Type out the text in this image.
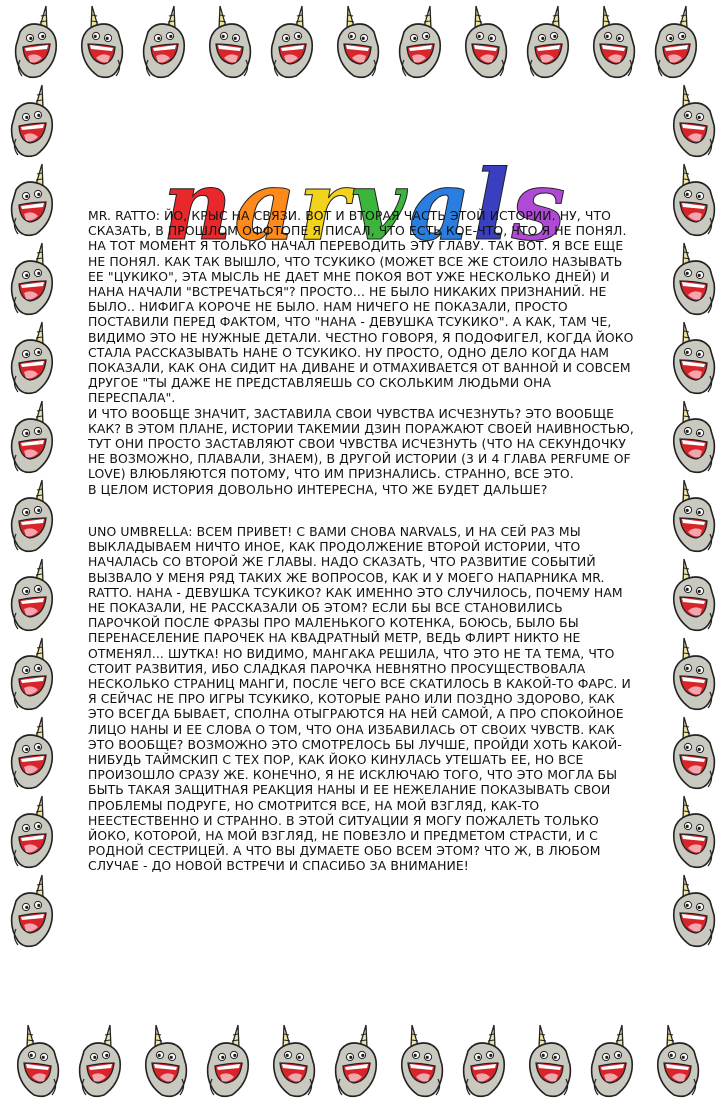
n a r v a l s

MR. RATTO: ЙО, КРЫС НА СВЯЗИ. ВОТ И ВТОРАЯ ЧАСТЬ ЭТОЙ ИСТОРИИ. НУ, ЧТО СКАЗАТЬ, В ПРОШЛОМ ОФФТОПЕ Я ПИСАЛ, ЧТО ЕСТЬ КОЕ-ЧТО, ЧТО Я НЕ ПОНЯЛ. НА ТОТ МОМЕНТ Я ТОЛЬКО НАЧАЛ ПЕРЕВОДИТЬ ЭТУ ГЛАВУ. ТАК ВОТ. Я ВСЕ ЕЩЕ НЕ ПОНЯЛ. КАК ТАК ВЫШЛО, ЧТО ТСУКИКО (МОЖЕТ ВСЕ ЖЕ СТОИЛО НАЗЫВАТЬ ЕЕ "ЦУКИКО", ЭТА МЫСЛЬ НЕ ДАЕТ МНЕ ПОКОЯ ВОТ УЖЕ НЕСКОЛЬКО ДНЕЙ) И НАНА НАЧАЛИ "ВСТРЕЧАТЬСЯ"? ПРОСТО... НЕ БЫЛО НИКАКИХ ПРИЗНАНИЙ. НЕ БЫЛО.. НИФИГА КОРОЧЕ НЕ БЫЛО. НАМ НИЧЕГО НЕ ПОКАЗАЛИ, ПРОСТО ПОСТАВИЛИ ПЕРЕД ФАКТОМ, ЧТО "НАНА - ДЕВУШКА ТСУКИКО". А КАК, ТАМ ЧЕ, ВИДИМО ЭТО НЕ НУЖНЫЕ ДЕТАЛИ. ЧЕСТНО ГОВОРЯ, Я ПОДОФИГЕЛ, КОГДА ЙОКО СТАЛА РАССКАЗЫВАТЬ НАНЕ О ТСУКИКО. НУ ПРОСТО, ОДНО ДЕЛО КОГДА НАМ ПОКАЗАЛИ, КАК ОНА СИДИТ НА ДИВАНЕ И ОТМАХИВАЕТСЯ ОТ ВАННОЙ И СОВСЕМ ДРУГОЕ "ТЫ ДАЖЕ НЕ ПРЕДСТАВЛЯЕШЬ СО СКОЛЬКИМ ЛЮДЬМИ ОНА ПЕРЕСПАЛА".

И ЧТО ВООБЩЕ ЗНАЧИТ, ЗАСТАВИЛА СВОИ ЧУВСТВА ИСЧЕЗНУТЬ? ЭТО ВООБЩЕ КАК? В ЭТОМ ПЛАНЕ, ИСТОРИИ ТАКЕМИИ ДЗИН ПОРАЖАЮТ СВОЕЙ НАИВНОСТЬЮ, ТУТ ОНИ ПРОСТО ЗАСТАВЛЯЮТ СВОИ ЧУВСТВА ИСЧЕЗНУТЬ (ЧТО НА СЕКУНДОЧКУ НЕ ВОЗМОЖНО, ПЛАВАЛИ, ЗНАЕМ), В ДРУГОЙ ИСТОРИИ (3 И 4 ГЛАВА PERFUME OF LOVE) ВЛЮБЛЯЮТСЯ ПОТОМУ, ЧТО ИМ ПРИЗНАЛИСЬ. СТРАННО, ВСЕ ЭТО.

В ЦЕЛОМ ИСТОРИЯ ДОВОЛЬНО ИНТЕРЕСНА, ЧТО ЖЕ БУДЕТ ДАЛЬШЕ?

UNO UMBRELLA: ВСЕМ ПРИВЕТ! С ВАМИ СНОВА NARVALS, И НА СЕЙ РАЗ МЫ ВЫКЛАДЫВАЕМ НИЧТО ИНОЕ, КАК ПРОДОЛЖЕНИЕ ВТОРОЙ ИСТОРИИ, ЧТО НАЧАЛАСЬ СО ВТОРОЙ ЖЕ ГЛАВЫ. НАДО СКАЗАТЬ, ЧТО РАЗВИТИЕ СОБЫТИЙ ВЫЗВАЛО У МЕНЯ РЯД ТАКИХ ЖЕ ВОПРОСОВ, КАК И У МОЕГО НАПАРНИКА MR. RATTO. НАНА - ДЕВУШКА ТСУКИКО? КАК ИМЕННО ЭТО СЛУЧИЛОСЬ, ПОЧЕМУ НАМ НЕ ПОКАЗАЛИ, НЕ РАССКАЗАЛИ ОБ ЭТОМ? ЕСЛИ БЫ ВСЕ СТАНОВИЛИСЬ ПАРОЧКОЙ ПОСЛЕ ФРАЗЫ ПРО МАЛЕНЬКОГО КОТЕНКА, БОЮСЬ, БЫЛО БЫ ПЕРЕНАСЕЛЕНИЕ ПАРОЧЕК НА КВАДРАТНЫЙ МЕТР, ВЕДЬ ФЛИРТ НИКТО НЕ ОТМЕНЯЛ... ШУТКА! НО ВИДИМО, МАНГАКА РЕШИЛА, ЧТО ЭТО НЕ ТА ТЕМА, ЧТО СТОИТ РАЗВИТИЯ, ИБО СЛАДКАЯ ПАРОЧКА НЕВНЯТНО ПРОСУЩЕСТВОВАЛА НЕСКОЛЬКО СТРАНИЦ МАНГИ, ПОСЛЕ ЧЕГО ВСЕ СКАТИЛОСЬ В КАКОЙ-ТО ФАРС. И Я СЕЙЧАС НЕ ПРО ИГРЫ ТСУКИКО, КОТОРЫЕ РАНО ИЛИ ПОЗДНО ЗДОРОВО, КАК ЭТО ВСЕГДА БЫВАЕТ, СПОЛНА ОТЫГРАЮТСЯ НА НЕЙ САМОЙ, А ПРО СПОКОЙНОЕ ЛИЦО НАНЫ И ЕЕ СЛОВА О ТОМ, ЧТО ОНА ИЗБАВИЛАСЬ ОТ СВОИХ ЧУВСТВ. КАК ЭТО ВООБЩЕ? ВОЗМОЖНО ЭТО СМОТРЕЛОСЬ БЫ ЛУЧШЕ, ПРОЙДИ ХОТЬ КАКОЙ-НИБУДЬ ТАЙМСКИП С ТЕХ ПОР, КАК ЙОКО КИНУЛАСЬ УТЕШАТЬ ЕЕ, НО ВСЕ ПРОИЗОШЛО СРАЗУ ЖЕ. КОНЕЧНО, Я НЕ ИСКЛЮЧАЮ ТОГО, ЧТО ЭТО МОГЛА БЫ БЫТЬ ТАКАЯ ЗАЩИТНАЯ РЕАКЦИЯ НАНЫ И ЕЕ НЕЖЕЛАНИЕ ПОКАЗЫВАТЬ СВОИ ПРОБЛЕМЫ ПОДРУГЕ, НО СМОТРИТСЯ ВСЕ, НА МОЙ ВЗГЛЯД, КАК-ТО НЕЕСТЕСТВЕННО И СТРАННО. В ЭТОЙ СИТУАЦИИ Я МОГУ ПОЖАЛЕТЬ ТОЛЬКО ЙОКО, КОТОРОЙ, НА МОЙ ВЗГЛЯД, НЕ ПОВЕЗЛО И ПРЕДМЕТОМ СТРАСТИ, И С РОДНОЙ СЕСТРИЦЕЙ. А ЧТО ВЫ ДУМАЕТЕ ОБО ВСЕМ ЭТОМ? ЧТО Ж, В ЛЮБОМ СЛУЧАЕ - ДО НОВОЙ ВСТРЕЧИ И СПАСИБО ЗА ВНИМАНИЕ!
